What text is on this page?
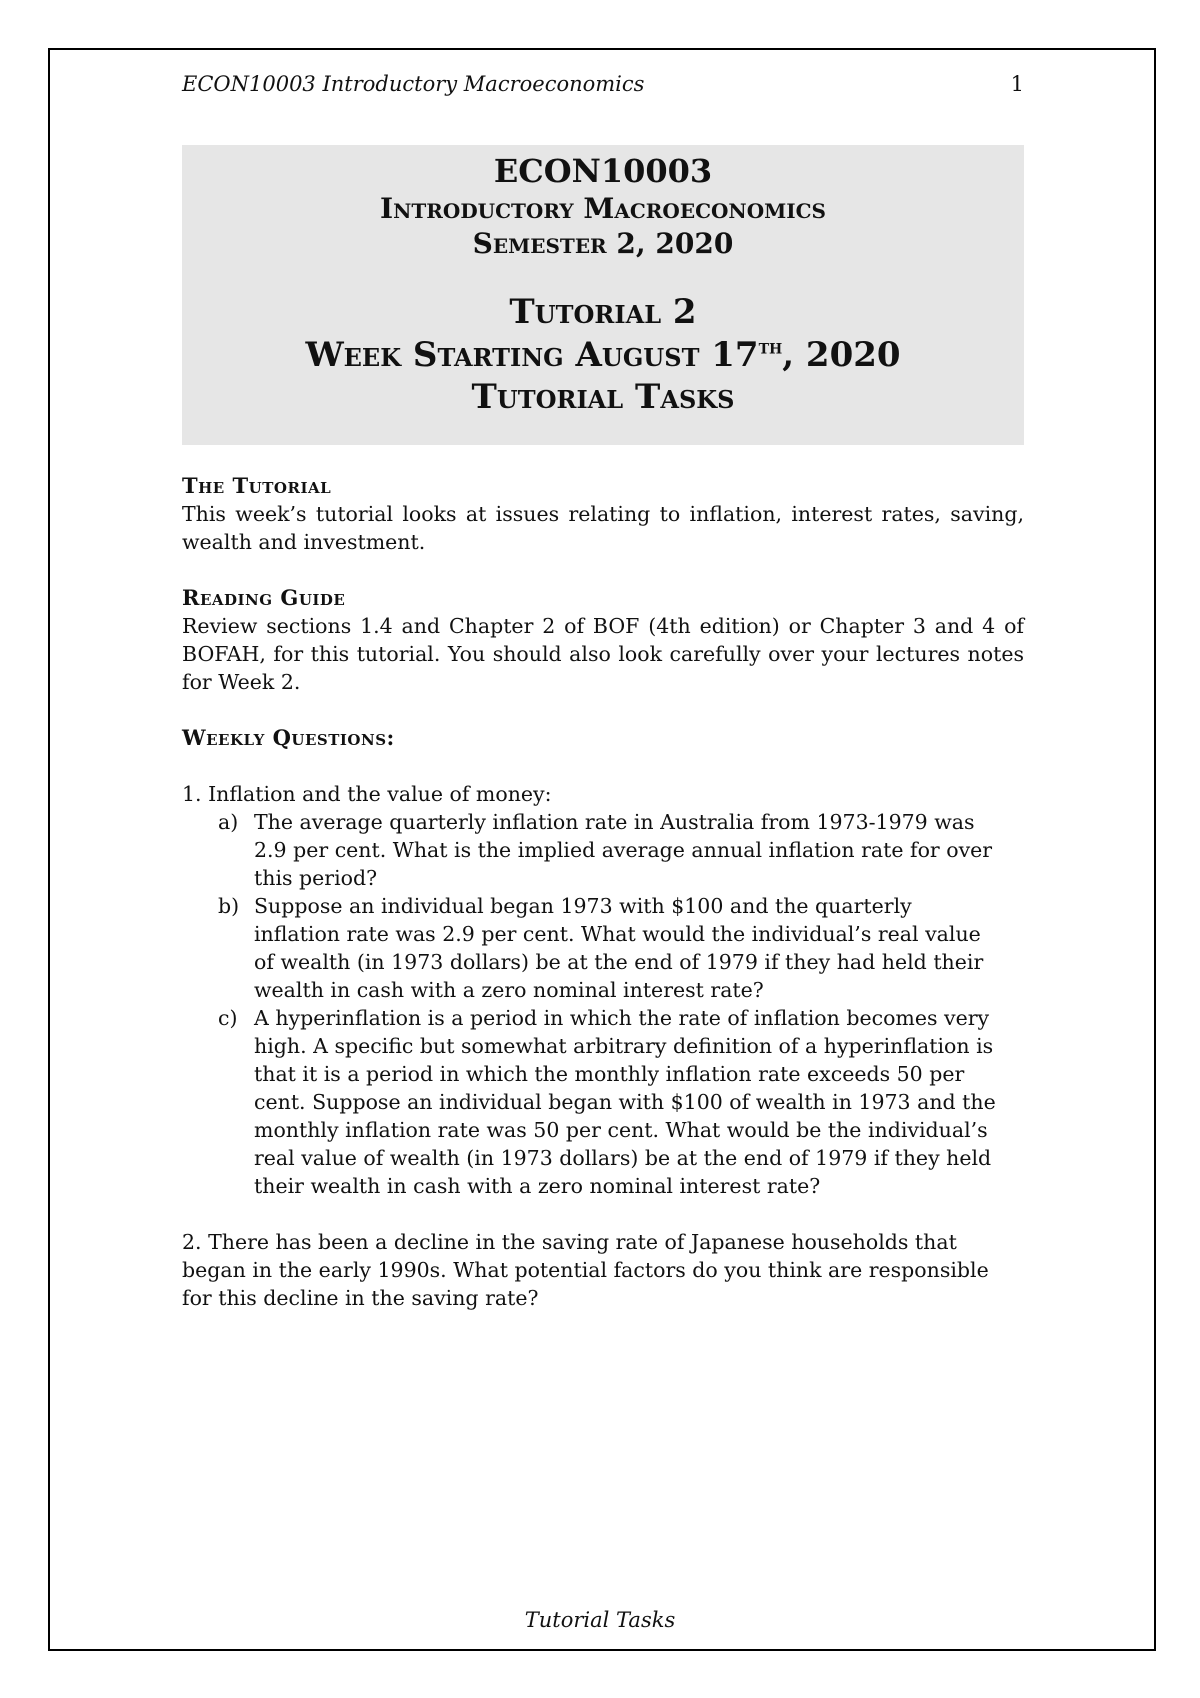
ECON10003 Introductory Macroeconomics	1
ECON10003
Introductory Macroeconomics
Semester 2, 2020
Tutorial 2
Week Starting August 17th, 2020
Tutorial Tasks
The Tutorial
This week’s tutorial looks at issues relating to inflation, interest rates, saving, wealth and investment.
Reading Guide
Review sections 1.4 and Chapter 2 of BOF (4th edition) or Chapter 3 and 4 of BOFAH, for this tutorial. You should also look carefully over your lectures notes for Week 2.
Weekly Questions:
1. Inflation and the value of money:
a) The average quarterly inflation rate in Australia from 1973-1979 was 2.9 per cent. What is the implied average annual inflation rate for over this period?
b) Suppose an individual began 1973 with $100 and the quarterly inflation rate was 2.9 per cent. What would the individual’s real value of wealth (in 1973 dollars) be at the end of 1979 if they had held their wealth in cash with a zero nominal interest rate?
c) A hyperinflation is a period in which the rate of inflation becomes very high. A specific but somewhat arbitrary definition of a hyperinflation is that it is a period in which the monthly inflation rate exceeds 50 per cent. Suppose an individual began with $100 of wealth in 1973 and the monthly inflation rate was 50 per cent. What would be the individual’s real value of wealth (in 1973 dollars) be at the end of 1979 if they held their wealth in cash with a zero nominal interest rate?
2. There has been a decline in the saving rate of Japanese households that began in the early 1990s. What potential factors do you think are responsible for this decline in the saving rate?
Tutorial Tasks
